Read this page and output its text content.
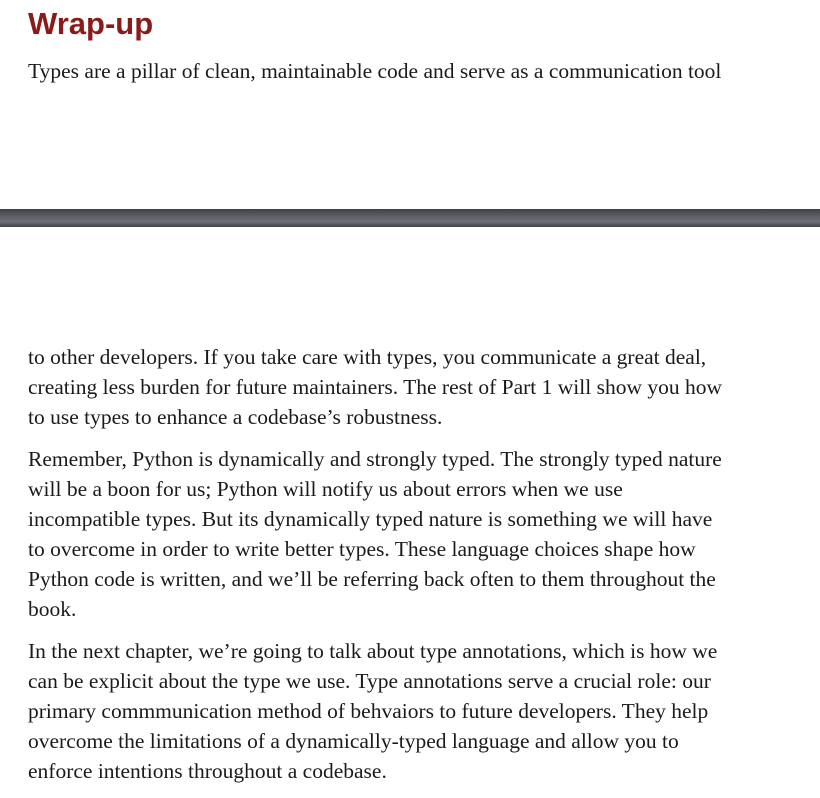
Wrap-up

Types are a pillar of clean, maintainable code and serve as a communication tool

to other developers. If you take care with types, you communicate a great deal,
creating less burden for future maintainers. The rest of Part 1 will show you how
to use types to enhance a codebase’s robustness.

Remember, Python is dynamically and strongly typed. The strongly typed nature
will be a boon for us; Python will notify us about errors when we use
incompatible types. But its dynamically typed nature is something we will have
to overcome in order to write better types. These language choices shape how
Python code is written, and we’ll be referring back often to them throughout the
book.

In the next chapter, we’re going to talk about type annotations, which is how we
can be explicit about the type we use. Type annotations serve a crucial role: our
primary commmunication method of behvaiors to future developers. They help
overcome the limitations of a dynamically-typed language and allow you to
enforce intentions throughout a codebase.
